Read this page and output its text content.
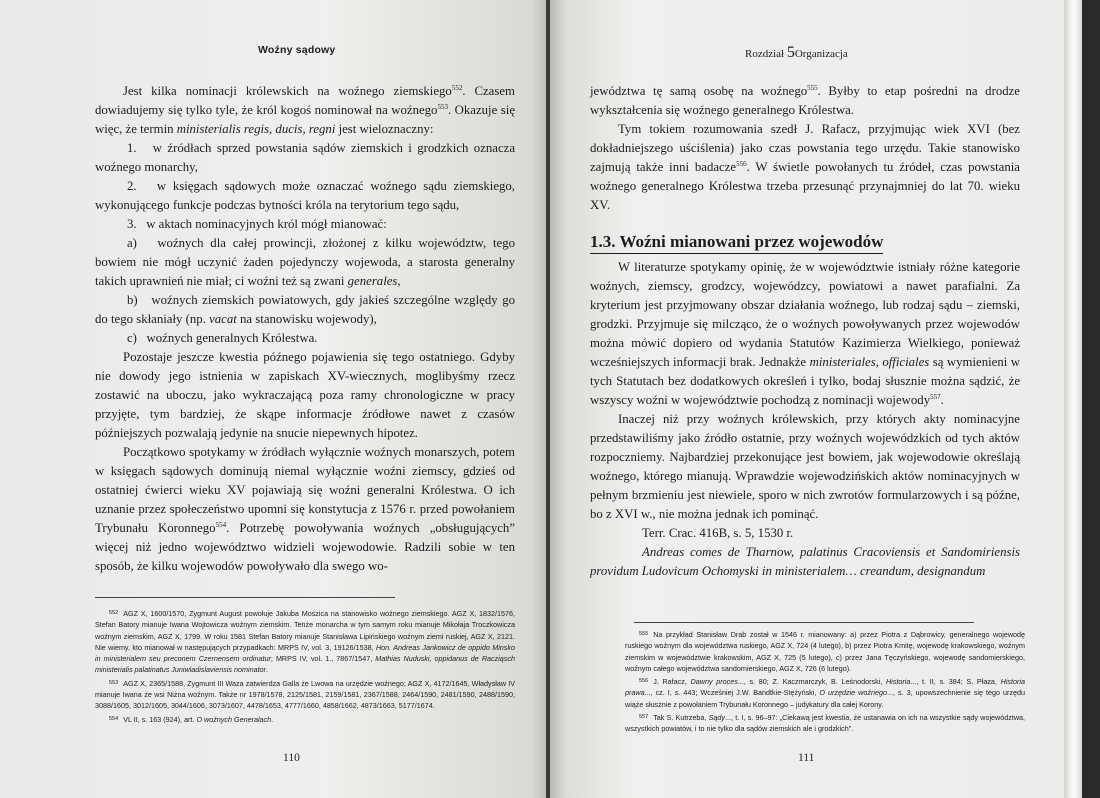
Woźny sądowy

Jest kilka nominacji królewskich na woźnego ziemskiego$^{552}$. Czasem dowiadujemy się tylko tyle, że król kogoś nominował na woźnego$^{553}$. Okazuje się więc, że termin ministerialis regis, ducis, regni jest wieloznaczny:

1.   w źródłach sprzed powstania sądów ziemskich i grodzkich oznacza woźnego monarchy,

2.   w księgach sądowych może oznaczać woźnego sądu ziemskiego, wykonującego funkcje podczas bytności króla na terytorium tego sądu,

3.   w aktach nominacyjnych król mógł mianować:

a)   woźnych dla całej prowincji, złożonej z kilku województw, tego bowiem nie mógł uczynić żaden pojedynczy wojewoda, a starosta generalny takich uprawnień nie miał; ci woźni też są zwani generales,

b)   woźnych ziemskich powiatowych, gdy jakieś szczególne względy go do tego skłaniały (np. vacat na stanowisku wojewody),

c)   woźnych generalnych Królestwa.

Pozostaje jeszcze kwestia późnego pojawienia się tego ostatniego. Gdyby nie dowody jego istnienia w zapiskach XV-wiecznych, moglibyśmy rzecz zostawić na uboczu, jako wykraczającą poza ramy chronologiczne w pracy przyjęte, tym bardziej, że skąpe informacje źródłowe nawet z czasów późniejszych pozwalają jedynie na snucie niepewnych hipotez.

Początkowo spotykamy w źródłach wyłącznie woźnych monarszych, potem w księgach sądowych dominują niemal wyłącznie woźni ziemscy, gdzieś od ostatniej ćwierci wieku XV pojawiają się woźni generalni Królestwa. O ich uznanie przez społeczeństwo upomni się konstytucja z 1576 r. przed powołaniem Trybunału Koronnego$^{554}$. Potrzebę powoływania woźnych „obsługujących” więcej niż jedno województwo widzieli wojewodowie. Radzili sobie w ten sposób, że kilku wojewodów powoływało dla swego wo-

$^{552}$ AGZ X, 1600/1570, Zygmunt August powołuje Jakuba Moszica na stanowisko woźnego ziemskiego. AGZ X, 1832/1576, Stefan Batory mianuje Iwana Wojtowicza woźnym ziemskim. Tenże monarcha w tym samym roku mianuje Mikołaja Troczkowicza woźnym ziemskim, AGZ X, 1799. W roku 1581 Stefan Batory mianuje Stanisława Lipińskiego woźnym ziemi ruskiej, AGZ X, 2121. Nie wiemy, kto mianował w następujących przypadkach: MRPS IV, vol. 3, 19126/1538, Hon. Andreas Jankowicz de oppido Minsko in ministerialem seu preconem Czernensem ordinatur; MRPS IV, vol. 1., 7867/1547, Mathias Nuduski, oppidanus de Racziąsch ministerialis palatinatus Juniwladislaviensis nominator.

$^{553}$ AGZ X, 2365/1588, Zygmunt III Waza zatwierdza Galla że Lwowa na urzędzie woźnego; AGZ X, 4172/1645, Władysław IV mianuje Iwana że wsi Niżna woźnym. Także nr 1978/1578, 2125/1581, 2159/1581, 2367/1588, 2464/1590, 2481/1590, 2488/1590, 3088/1605, 3012/1605, 3044/1606, 3073/1607, 4478/1653, 4777/1660, 4858/1662, 4873/1663, 5177/1674.

$^{554}$ VL II, s. 163 (924), art. O woźnych Generalach.

110
Rozdział 5Organizacja

jewództwa tę samą osobę na woźnego$^{555}$. Byłby to etap pośredni na drodze wykształcenia się woźnego generalnego Królestwa.

Tym tokiem rozumowania szedł J. Rafacz, przyjmując wiek XVI (bez dokładniejszego uściślenia) jako czas powstania tego urzędu. Takie stanowisko zajmują także inni badacze$^{556}$. W świetle powołanych tu źródeł, czas powstania woźnego generalnego Królestwa trzeba przesunąć przynajmniej do lat 70. wieku XV.

1.3. Woźni mianowani przez wojewodów

W literaturze spotykamy opinię, że w województwie istniały różne kategorie woźnych, ziemscy, grodzcy, wojewódzcy, powiatowi a nawet parafialni. Za kryterium jest przyjmowany obszar działania woźnego, lub rodzaj sądu – ziemski, grodzki. Przyjmuje się milcząco, że o woźnych powoływanych przez wojewodów można mówić dopiero od wydania Statutów Kazimierza Wielkiego, ponieważ wcześniejszych informacji brak. Jednakże ministeriales, officiales są wymienieni w tych Statutach bez dodatkowych określeń i tylko, bodaj słusznie można sądzić, że wszyscy woźni w województwie pochodzą z nominacji wojewody$^{557}$.

Inaczej niż przy woźnych królewskich, przy których akty nominacyjne przedstawiliśmy jako źródło ostatnie, przy woźnych wojewódzkich od tych aktów rozpoczniemy. Najbardziej przekonujące jest bowiem, jak wojewodowie określają woźnego, którego mianują. Wprawdzie wojewodzińskich aktów nominacyjnych w pełnym brzmieniu jest niewiele, sporo w nich zwrotów formularzowych i są późne, bo z XVI w., nie można jednak ich pominąć.

Terr. Crac. 416B, s. 5, 1530 r.

Andreas comes de Tharnow, palatinus Cracoviensis et Sandomiriensis providum Ludovicum Ochomyski in ministerialem… creandum, designandum

$^{555}$ Na przykład Stanisław Drab został w 1546 r. mianowany: a) przez Piotra z Dąbrowicy, generalnego wojewodę ruskiego woźnym dla województwa ruskiego, AGZ X, 724 (4 lutego), b) przez Piotra Kmitę, wojewodę krakowskiego, woźnym ziemskim w województwie krakowskim, AGZ X, 725 (5 lutego), c) przez Jana Tęczyńskiego, wojewodę sandomierskiego, woźnym całego województwa sandomierskiego, AGZ X, 726 (6 lutego).

$^{556}$ J. Rafacz, Dawny proces..., s. 80; Z. Kaczmarczyk, B. Leśnodorski, Historia..., t. II, s. 384; S. Płaza, Historia prawa..., cz. I, s. 443; Wcześniej J.W. Bandtkie-Stężyński, O urzędzie woźnego..., s. 3, upowszechnienie się tego urzędu wiąże słusznie z powołaniem Trybunału Koronnego – judykatury dla całej Korony.

$^{557}$ Tak S. Kutrzeba, Sądy..., t. I, s. 96–97: „Ciekawą jest kwestia, że ustanawia on ich na wszystkie sądy województwa, wszystkich powiatów, i to nie tylko dla sądów ziemskich ale i grodzkich”.

111
